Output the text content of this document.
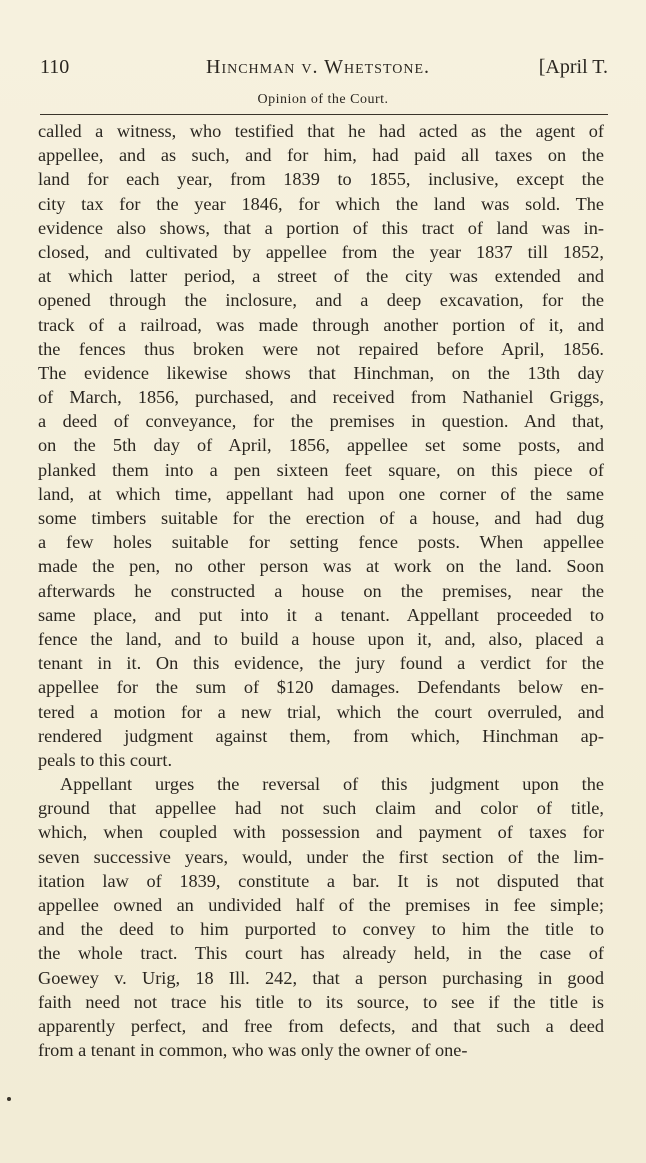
110	Hinchman v. Whetstone.	[April T.
Opinion of the Court.
called a witness, who testified that he had acted as the agent of
appellee, and as such, and for him, had paid all taxes on the
land for each year, from 1839 to 1855, inclusive, except the
city tax for the year 1846, for which the land was sold. The
evidence also shows, that a portion of this tract of land was in-
closed, and cultivated by appellee from the year 1837 till 1852,
at which latter period, a street of the city was extended and
opened through the inclosure, and a deep excavation, for the
track of a railroad, was made through another portion of it, and
the fences thus broken were not repaired before April, 1856.
The evidence likewise shows that Hinchman, on the 13th day
of March, 1856, purchased, and received from Nathaniel Griggs,
a deed of conveyance, for the premises in question. And that,
on the 5th day of April, 1856, appellee set some posts, and
planked them into a pen sixteen feet square, on this piece of
land, at which time, appellant had upon one corner of the same
some timbers suitable for the erection of a house, and had dug
a few holes suitable for setting fence posts. When appellee
made the pen, no other person was at work on the land. Soon
afterwards he constructed a house on the premises, near the
same place, and put into it a tenant. Appellant proceeded to
fence the land, and to build a house upon it, and, also, placed a
tenant in it. On this evidence, the jury found a verdict for the
appellee for the sum of $120 damages. Defendants below en-
tered a motion for a new trial, which the court overruled, and
rendered judgment against them, from which, Hinchman ap-
peals to this court.
Appellant urges the reversal of this judgment upon the
ground that appellee had not such claim and color of title,
which, when coupled with possession and payment of taxes for
seven successive years, would, under the first section of the lim-
itation law of 1839, constitute a bar. It is not disputed that
appellee owned an undivided half of the premises in fee simple;
and the deed to him purported to convey to him the title to
the whole tract. This court has already held, in the case of
Goewey v. Urig, 18 Ill. 242, that a person purchasing in good
faith need not trace his title to its source, to see if the title is
apparently perfect, and free from defects, and that such a deed
from a tenant in common, who was only the owner of one-
